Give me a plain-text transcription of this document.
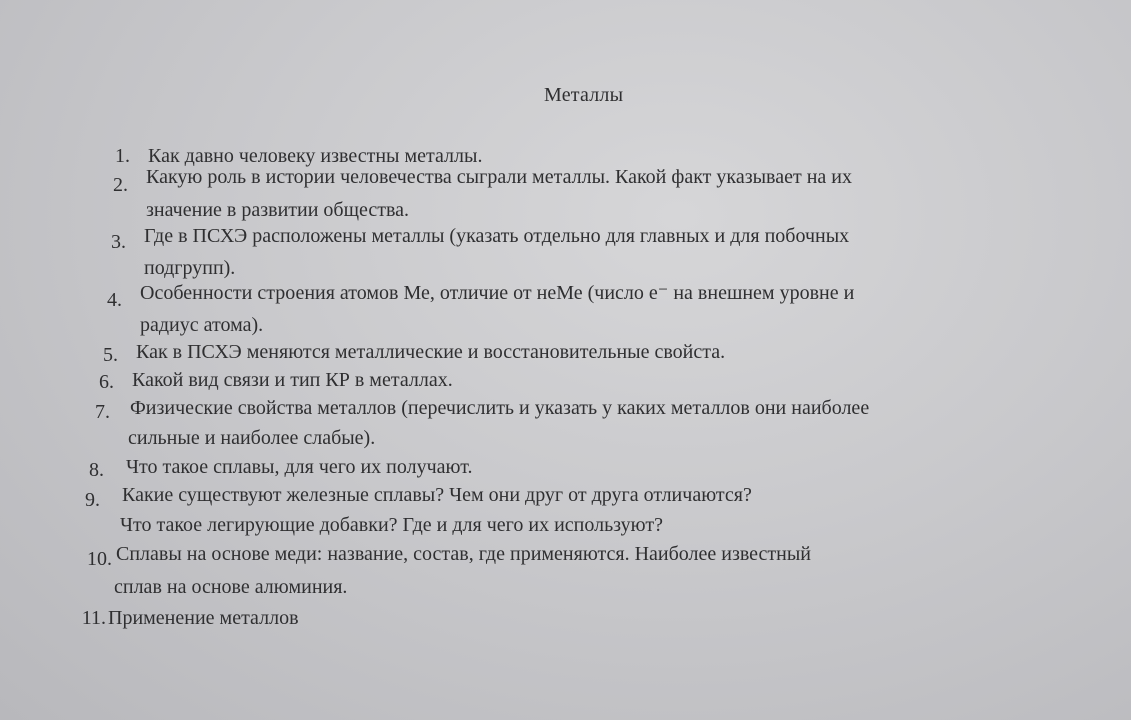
Металлы
1. Как давно человеку известны металлы.
2. Какую роль в истории человечества сыграли металлы. Какой факт указывает на их
значение в развитии общества.
3. Где в ПСХЭ расположены металлы (указать отдельно для главных и для побочных
подгрупп).
4. Особенности строения атомов Ме, отличие от неМе (число е⁻ на внешнем уровне и
радиус атома).
5. Как в ПСХЭ меняются металлические и восстановительные свойста.
6. Какой вид связи и тип КР в металлах.
7. Физические свойства металлов (перечислить и указать у каких металлов они наиболее
сильные и наиболее слабые).
8. Что такое сплавы, для чего их получают.
9. Какие существуют железные сплавы? Чем они друг от друга отличаются?
Что такое легирующие добавки? Где и для чего их используют?
10. Сплавы на основе меди: название, состав, где применяются. Наиболее известный
сплав на основе алюминия.
11. Применение металлов
